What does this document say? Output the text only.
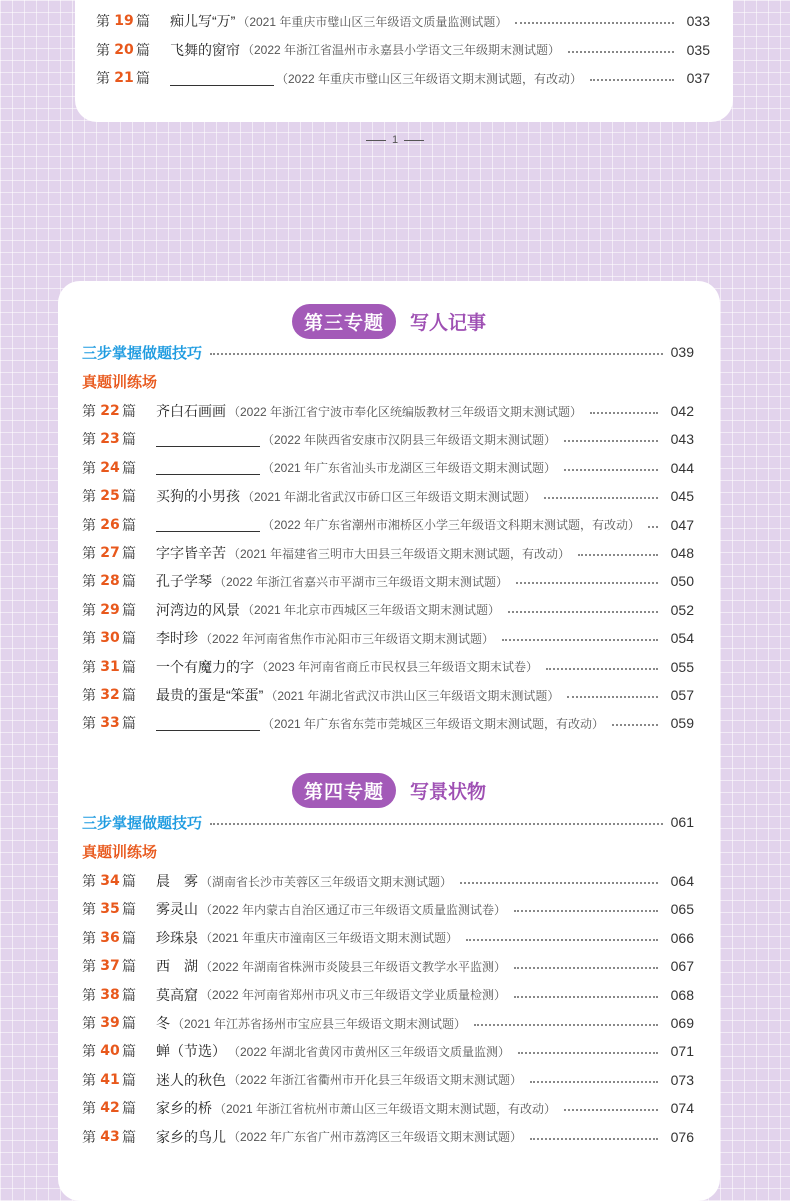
第 19 篇	痴儿写“万” （2021 年重庆市璧山区三年级语文质量监测试题）	033
第 20 篇	飞舞的窗帘 （2022 年浙江省温州市永嘉县小学语文三年级期末测试题）	035
第 21 篇	（2022 年重庆市璧山区三年级语文期末测试题，有改动）	037
1
第三专题	写人记事
三步掌握做题技巧	039
真题训练场
第 22 篇	齐白石画画 （2022 年浙江省宁波市奉化区统编版教材三年级语文期末测试题）	042
第 23 篇	（2022 年陕西省安康市汉阴县三年级语文期末测试题）	043
第 24 篇	（2021 年广东省汕头市龙湖区三年级语文期末测试题）	044
第 25 篇	买狗的小男孩 （2021 年湖北省武汉市硚口区三年级语文期末测试题）	045
第 26 篇	（2022 年广东省潮州市湘桥区小学三年级语文科期末测试题，有改动）	047
第 27 篇	字字皆辛苦 （2021 年福建省三明市大田县三年级语文期末测试题，有改动）	048
第 28 篇	孔子学琴 （2022 年浙江省嘉兴市平湖市三年级语文期末测试题）	050
第 29 篇	河湾边的风景 （2021 年北京市西城区三年级语文期末测试题）	052
第 30 篇	李时珍 （2022 年河南省焦作市沁阳市三年级语文期末测试题）	054
第 31 篇	一个有魔力的字 （2023 年河南省商丘市民权县三年级语文期末试卷）	055
第 32 篇	最贵的蛋是“笨蛋” （2021 年湖北省武汉市洪山区三年级语文期末测试题）	057
第 33 篇	（2021 年广东省东莞市莞城区三年级语文期末测试题，有改动）	059
第四专题	写景状物
三步掌握做题技巧	061
真题训练场
第 34 篇	晨　雾 （湖南省长沙市芙蓉区三年级语文期末测试题）	064
第 35 篇	雾灵山 （2022 年内蒙古自治区通辽市三年级语文质量监测试卷）	065
第 36 篇	珍珠泉 （2021 年重庆市潼南区三年级语文期末测试题）	066
第 37 篇	西　湖 （2022 年湖南省株洲市炎陵县三年级语文教学水平监测）	067
第 38 篇	莫高窟 （2022 年河南省郑州市巩义市三年级语文学业质量检测）	068
第 39 篇	冬 （2021 年江苏省扬州市宝应县三年级语文期末测试题）	069
第 40 篇	蝉（节选） （2022 年湖北省黄冈市黄州区三年级语文质量监测）	071
第 41 篇	迷人的秋色 （2022 年浙江省衢州市开化县三年级语文期末测试题）	073
第 42 篇	家乡的桥 （2021 年浙江省杭州市萧山区三年级语文期末测试题，有改动）	074
第 43 篇	家乡的鸟儿 （2022 年广东省广州市荔湾区三年级语文期末测试题）	076
